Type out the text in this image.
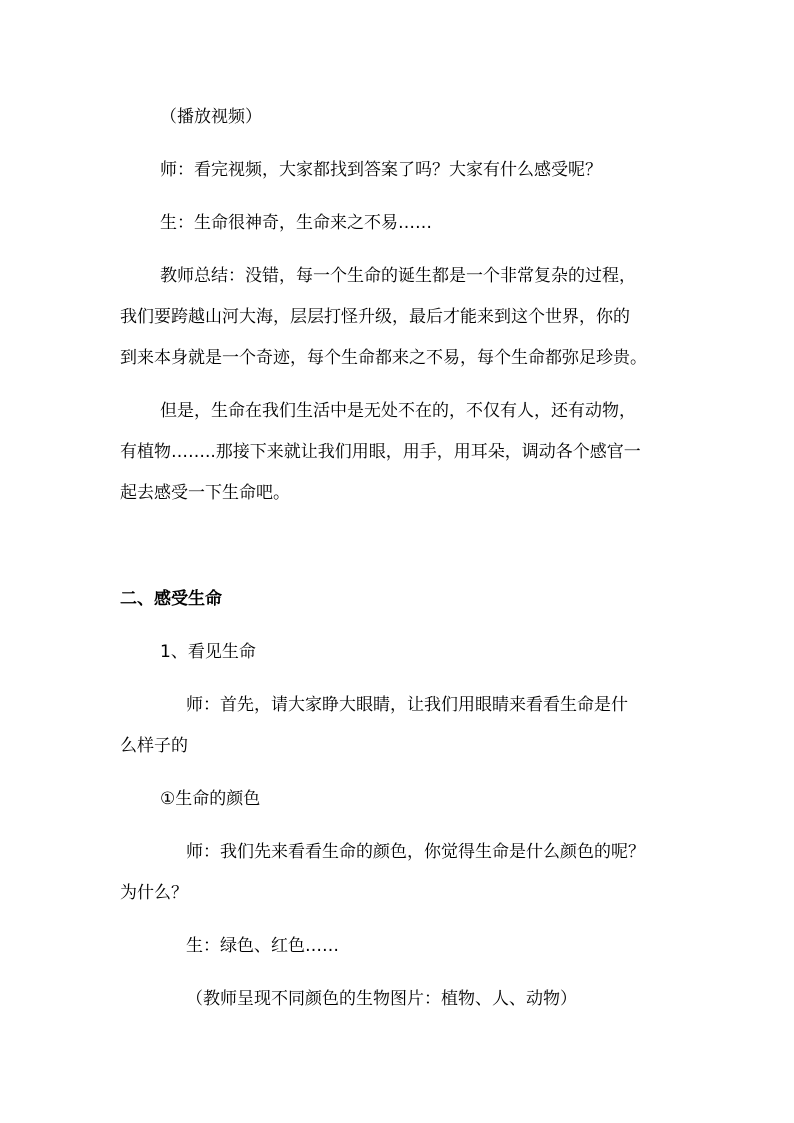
（播放视频）

师：看完视频，大家都找到答案了吗？大家有什么感受呢？

生：生命很神奇，生命来之不易……

教师总结：没错，每一个生命的诞生都是一个非常复杂的过程，

我们要跨越山河大海，层层打怪升级，最后才能来到这个世界，你的

到来本身就是一个奇迹，每个生命都来之不易，每个生命都弥足珍贵。

但是，生命在我们生活中是无处不在的，不仅有人，还有动物，

有植物……..那接下来就让我们用眼，用手，用耳朵，调动各个感官一

起去感受一下生命吧。

二、感受生命

1、看见生命

师：首先，请大家睁大眼睛，让我们用眼睛来看看生命是什

么样子的

①生命的颜色

师：我们先来看看生命的颜色，你觉得生命是什么颜色的呢？

为什么？

生：绿色、红色……

（教师呈现不同颜色的生物图片：植物、人、动物）
